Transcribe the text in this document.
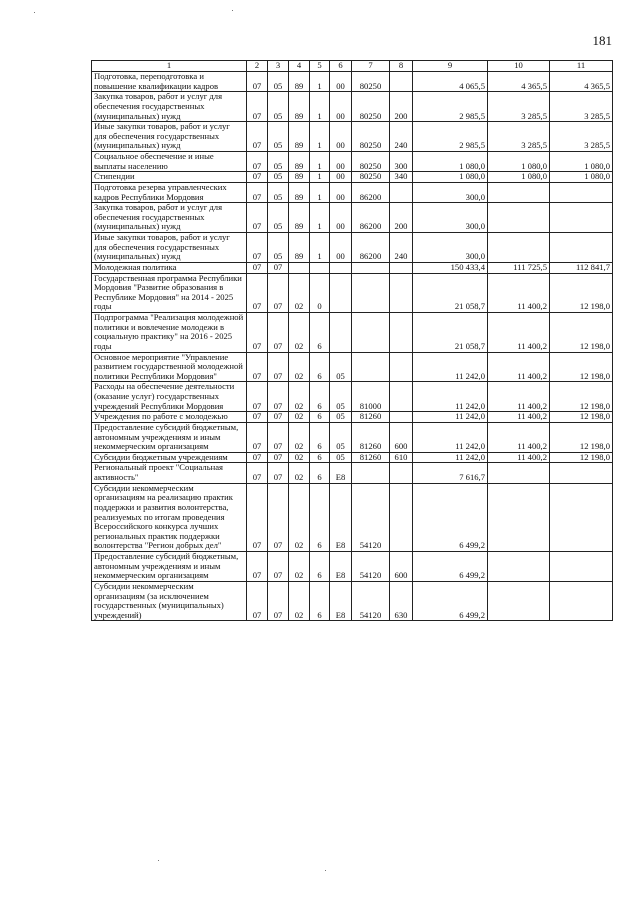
181
1	2	3	4	5	6	7	8	9	10	11
Подготовка, переподготовка и повышение квалификации кадров	07	05	89	1	00	80250		4 065,5	4 365,5	4 365,5
Закупка товаров, работ и услуг для обеспечения государственных (муниципальных) нужд	07	05	89	1	00	80250	200	2 985,5	3 285,5	3 285,5
Иные закупки товаров, работ и услуг для обеспечения государственных (муниципальных) нужд	07	05	89	1	00	80250	240	2 985,5	3 285,5	3 285,5
Социальное обеспечение и иные выплаты населению	07	05	89	1	00	80250	300	1 080,0	1 080,0	1 080,0
Стипендии	07	05	89	1	00	80250	340	1 080,0	1 080,0	1 080,0
Подготовка резерва управленческих кадров Республики Мордовия	07	05	89	1	00	86200		300,0		
Закупка товаров, работ и услуг для обеспечения государственных (муниципальных) нужд	07	05	89	1	00	86200	200	300,0		
Иные закупки товаров, работ и услуг для обеспечения государственных (муниципальных) нужд	07	05	89	1	00	86200	240	300,0		
Молодежная политика	07	07						150 433,4	111 725,5	112 841,7
Государственная программа Республики Мордовия "Развитие образования в Республике Мордовия" на 2014 - 2025 годы	07	07	02	0				21 058,7	11 400,2	12 198,0
Подпрограмма "Реализация молодежной политики и вовлечение молодежи в социальную практику" на 2016 - 2025 годы	07	07	02	6				21 058,7	11 400,2	12 198,0
Основное мероприятие "Управление развитием государственной молодежной политики Республики Мордовия"	07	07	02	6	05			11 242,0	11 400,2	12 198,0
Расходы на обеспечение деятельности (оказание услуг) государственных учреждений Республики Мордовия	07	07	02	6	05	81000		11 242,0	11 400,2	12 198,0
Учреждения по работе с молодежью	07	07	02	6	05	81260		11 242,0	11 400,2	12 198,0
Предоставление субсидий бюджетным, автономным учреждениям и иным некоммерческим организациям	07	07	02	6	05	81260	600	11 242,0	11 400,2	12 198,0
Субсидии бюджетным учреждениям	07	07	02	6	05	81260	610	11 242,0	11 400,2	12 198,0
Региональный проект "Социальная активность"	07	07	02	6	E8			7 616,7		
Субсидии некоммерческим организациям на реализацию практик поддержки и развития волонтерства, реализуемых по итогам проведения Всероссийского конкурса лучших региональных практик поддержки волонтерства "Регион добрых дел"	07	07	02	6	E8	54120		6 499,2		
Предоставление субсидий бюджетным, автономным учреждениям и иным некоммерческим организациям	07	07	02	6	E8	54120	600	6 499,2		
Субсидии некоммерческим организациям (за исключением государственных (муниципальных) учреждений)	07	07	02	6	E8	54120	630	6 499,2		
